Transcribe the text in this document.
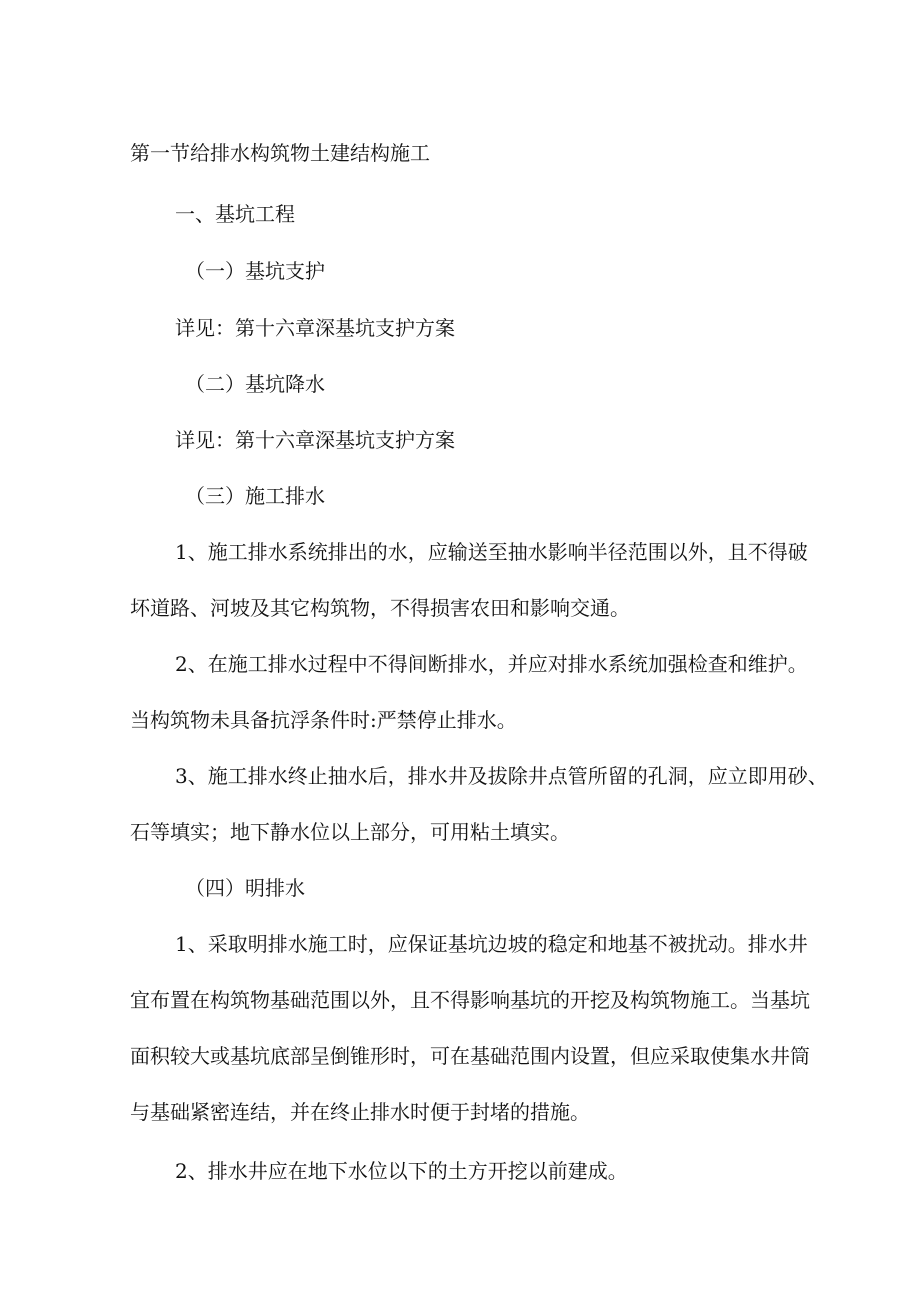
第一节给排水构筑物土建结构施工

一、基坑工程

（一）基坑支护

详见：第十六章深基坑支护方案

（二）基坑降水

详见：第十六章深基坑支护方案

（三）施工排水

1、施工排水系统排出的水，应输送至抽水影响半径范围以外，且不得破

坏道路、河坡及其它构筑物，不得损害农田和影响交通。

2、在施工排水过程中不得间断排水，并应对排水系统加强检查和维护。

当构筑物未具备抗浮条件时:严禁停止排水。

3、施工排水终止抽水后，排水井及拔除井点管所留的孔洞，应立即用砂、

石等填实；地下静水位以上部分，可用粘土填实。

（四）明排水

1、采取明排水施工时，应保证基坑边坡的稳定和地基不被扰动。排水井

宜布置在构筑物基础范围以外，且不得影响基坑的开挖及构筑物施工。当基坑

面积较大或基坑底部呈倒锥形时，可在基础范围内设置，但应采取使集水井筒

与基础紧密连结，并在终止排水时便于封堵的措施。

2、排水井应在地下水位以下的土方开挖以前建成。
